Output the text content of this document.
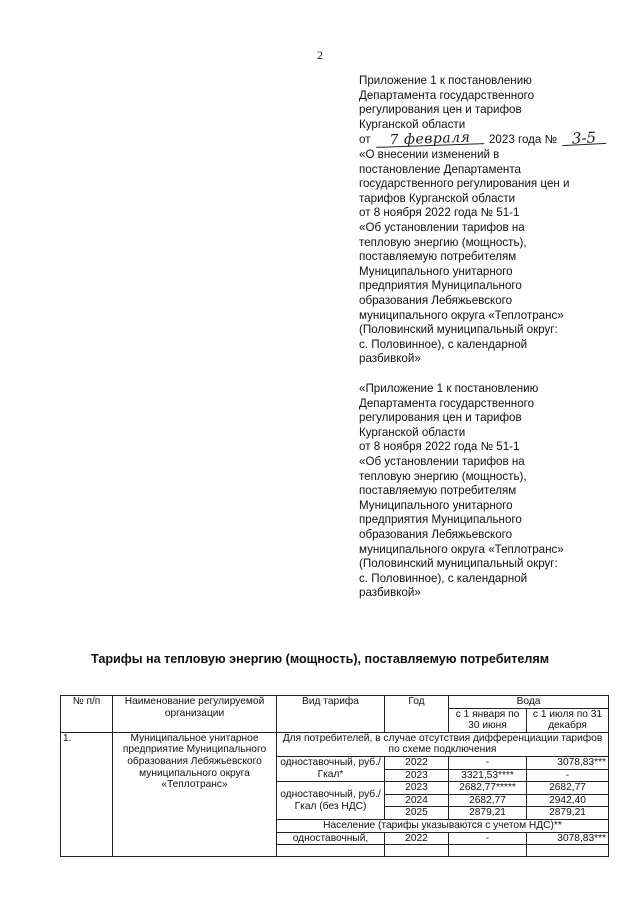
2

Приложение 1 к постановлению

Департамента государственного

регулирования цен и тарифов

Курганской области

от 7 февраля 2023 года № 3-5

«О внесении изменений в

постановление Департамента

государственного регулирования цен и

тарифов Курганской области

от 8 ноября 2022 года № 51-1

«Об установлении тарифов на

тепловую энергию (мощность),

поставляемую потребителям

Муниципального унитарного

предприятия Муниципального

образования Лебяжьевского

муниципального округа «Теплотранс»

(Половинский муниципальный округ:

с. Половинное), с календарной

разбивкой»

«Приложение 1 к постановлению

Департамента государственного

регулирования цен и тарифов

Курганской области

от 8 ноября 2022 года № 51-1

«Об установлении тарифов на

тепловую энергию (мощность),

поставляемую потребителям

Муниципального унитарного

предприятия Муниципального

образования Лебяжьевского

муниципального округа «Теплотранс»

(Половинский муниципальный округ:

с. Половинное), с календарной

разбивкой»

Тарифы на тепловую энергию (мощность), поставляемую потребителям
№ п/п	Наименование регулируемой организации	Вид тарифа	Год	Вода	
				с 1 января по 30 июня	с 1 июля по 31 декабря
1.	Муниципальное унитарное предприятие Муниципального образования Лебяжьевского муниципального округа «Теплотранс»	Для потребителей, в случае отсутствия дифференциации тарифов по схеме подключения			
		одноставочный, руб./Гкал*	2022	-	3078,83***
			2023	3321,53****	-
		одноставочный, руб./Гкал (без НДС)	2023	2682,77*****	2682,77
			2024	2682,77	2942,40
			2025	2879,21	2879,21
		Население (тарифы указываются с учетом НДС)**			
		одноставочный,	2022	-	3078,83***
